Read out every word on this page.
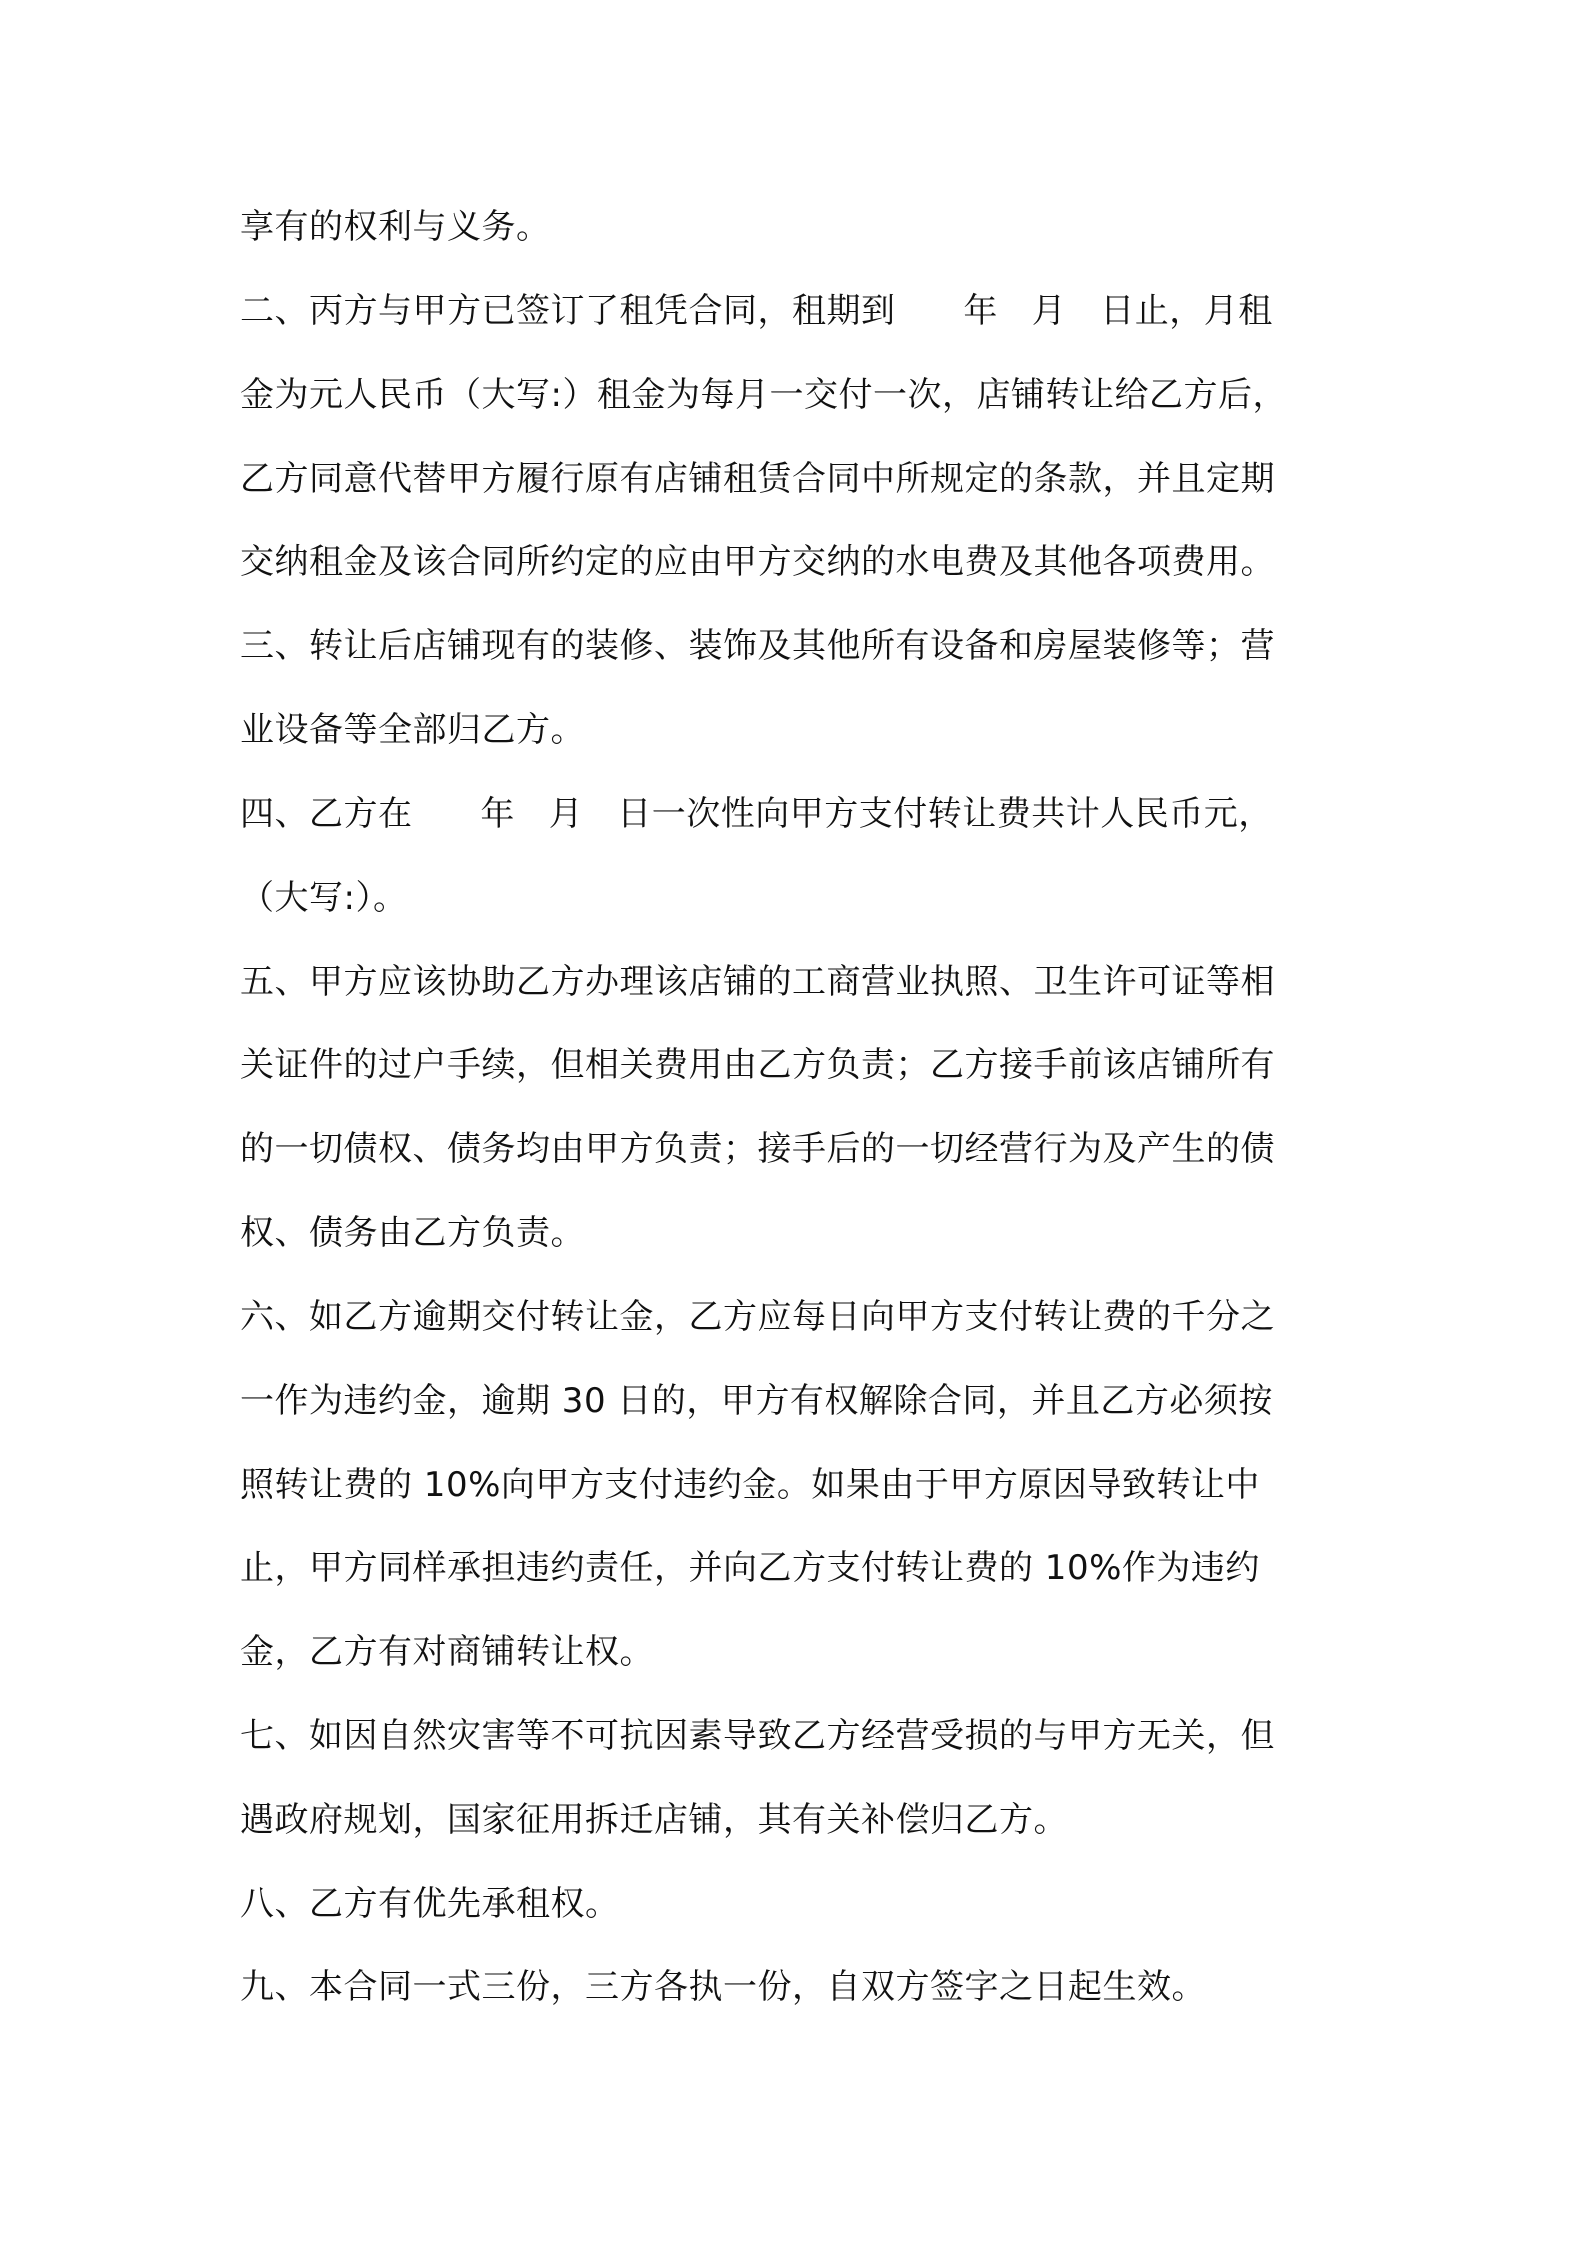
享有的权利与义务。
二、丙方与甲方已签订了租凭合同，租期到      年   月   日止，月租
金为元人民币（大写:）租金为每月一交付一次，店铺转让给乙方后，
乙方同意代替甲方履行原有店铺租赁合同中所规定的条款，并且定期
交纳租金及该合同所约定的应由甲方交纳的水电费及其他各项费用。
三、转让后店铺现有的装修、装饰及其他所有设备和房屋装修等；营
业设备等全部归乙方。
四、乙方在      年   月   日一次性向甲方支付转让费共计人民币元，
（大写:）。
五、甲方应该协助乙方办理该店铺的工商营业执照、卫生许可证等相
关证件的过户手续，但相关费用由乙方负责；乙方接手前该店铺所有
的一切债权、债务均由甲方负责；接手后的一切经营行为及产生的债
权、债务由乙方负责。
六、如乙方逾期交付转让金，乙方应每日向甲方支付转让费的千分之
一作为违约金，逾期 30 日的，甲方有权解除合同，并且乙方必须按
照转让费的 10%向甲方支付违约金。如果由于甲方原因导致转让中
止，甲方同样承担违约责任，并向乙方支付转让费的 10%作为违约
金，乙方有对商铺转让权。
七、如因自然灾害等不可抗因素导致乙方经营受损的与甲方无关，但
遇政府规划，国家征用拆迁店铺，其有关补偿归乙方。
八、乙方有优先承租权。
九、本合同一式三份，三方各执一份，自双方签字之日起生效。
